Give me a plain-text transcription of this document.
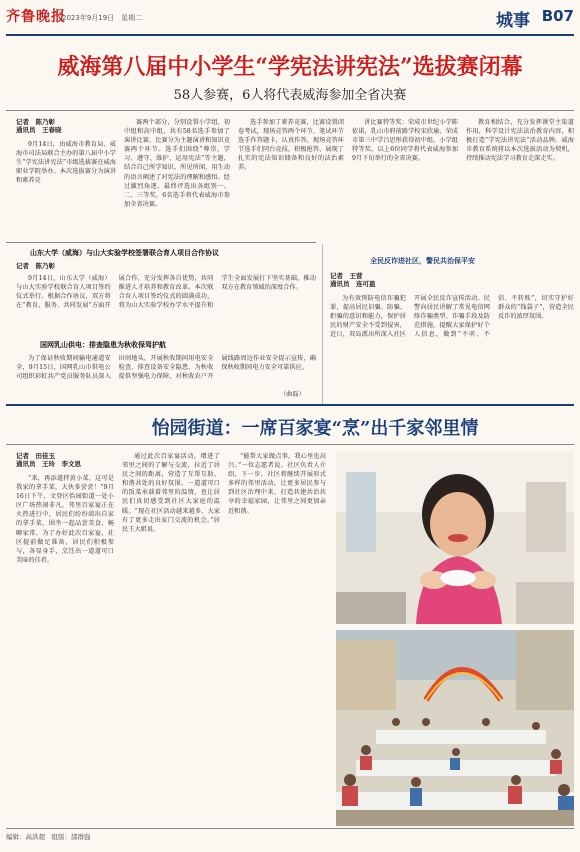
齐鲁晚报
2023年9月19日　星期二	城事 B07
威海第八届中小学生“学宪法讲宪法”选拔赛闭幕
58人参赛，6人将代表威海参加全省决赛
记者　陈乃彰
通讯员　王春晓

9月14日，由威海市教育局、威海市司法局联合主办的第八届中小学生“学宪法讲宪法”市级选拔赛在威海职业学院举办。本次选拔赛分为演讲和素养竞

赛两个部分，分别设置小学组、初中组和高中组，共有58名选手参加了演讲比赛，比赛分为主题演讲和知识竞赛两个环节。选手们围绕“尊崇、学习、遵守、维护、运用宪法”等主题，结合自己所学知识、所见所闻，用生动的语言阐述了对宪法的理解和感悟。经过激烈角逐，最终评选出各组别一、二、三等奖，6名选手将代表威海市参加全省决赛。

选手参加了素养竞赛，比赛设置闭卷考试，现场竞答两个环节，笔试环节选手作答题卡，认真作答，现场竞答环节选手们同台竞技，积极抢答，展现了扎实的宪法知识储备和良好的法治素养。

讲比赛特等奖；荣成市世纪小学陈依诺，乳山市府前路学校宋欣瑜、荣成市第三中学吕思彤获得初中组、小学组特等奖，以上6位同学将代表威海参加9月下旬举行的全省决赛。

教育相结合，充分发挥课堂主渠道作用，科学设计宪法法治教育内容，积极打造“学宪法讲宪法”活动品牌。威海市教育系统将以本次选拔活动为契机，持续推动宪法学习教育走深走实。

山东大学（威海）与山大实验学校签署联合育人项目合作协议
记者　陈乃彰

9月14日，山东大学（威海）与山大实验学校联合育人项目签约仪式举行。根据合作协议，双方将在“教育、服务、共同发展”方面开展合作，充分发挥各自优势，共同推进人才培养和教育改革。本次联合育人项目签约仪式的圆满成功，将为山大实验学校办学水平提升和学生全面发展打下坚实基础，推动双方在教育领域的深度合作。

国网乳山供电：排查隐患为秋收保驾护航

为了保证秋收期间输电通道安全，9月15日，国网乳山市供电公司组织彩虹共产党员服务队员深入田间地头，开展秋收期间用电安全检查，排查设备安全隐患，为秋收提供坚强电力保障，对秋收农户开展线路周边作业安全提示宣传，确保秋收期间电力安全可靠供应。

（曲磊）
全民反诈进社区，警民共治保平安
记者　王营
通讯员　连可盈

为有效预防电信诈骗犯罪，提高居民识骗、防骗、拒骗的意识和能力，保护居民的财产安全不受到侵害，近日，双岛派出所深入社区开展全民反诈宣传活动。民警向居民讲解了常见电信网络诈骗类型、诈骗手段及防范措施，提醒大家保护好个人信息，做到“不听、不信、不转账”，切实守护好群众的“钱袋子”，营造全民反诈的浓厚氛围。

怡园街道：一席百家宴“烹”出千家邻里情
记者　田佳玉
通讯员　王玲　李文思

“来，再添道拌黄小菜，这可是我家的拿手菜，大伙多尝尝！”9月16日下午，文登区怡园街道一处小区广场热闹非凡，邻里百家宴正在火热进行中，居民们纷纷端出自家的拿手菜，围坐一起品尝美食、畅聊家常。为了办好此次百家宴，社区提前做足准备，居民们积极参与，各显身手，烹饪出一道道可口美味的佳肴。

通过此次百家宴活动，增进了邻里之间的了解与交流，拉近了居民之间的距离，营造了互帮互助、和谐共处的良好氛围。一道道可口的饭菜承载着邻里的温情，也让居民们真切感受到社区大家庭的温暖。“现在社区活动越来越多，大家有了更多走出家门交流的机会。”居民王大姐说。

“能帮大家做点事，我心里也高兴。”一位志愿者说。社区负责人介绍，下一步，社区将继续开展形式多样的邻里活动，让更多居民参与到社区治理中来，打造共建共治共享的幸福家园，让邻里之间更加亲近和谐。

编辑：高洪超　组版：邵群强
